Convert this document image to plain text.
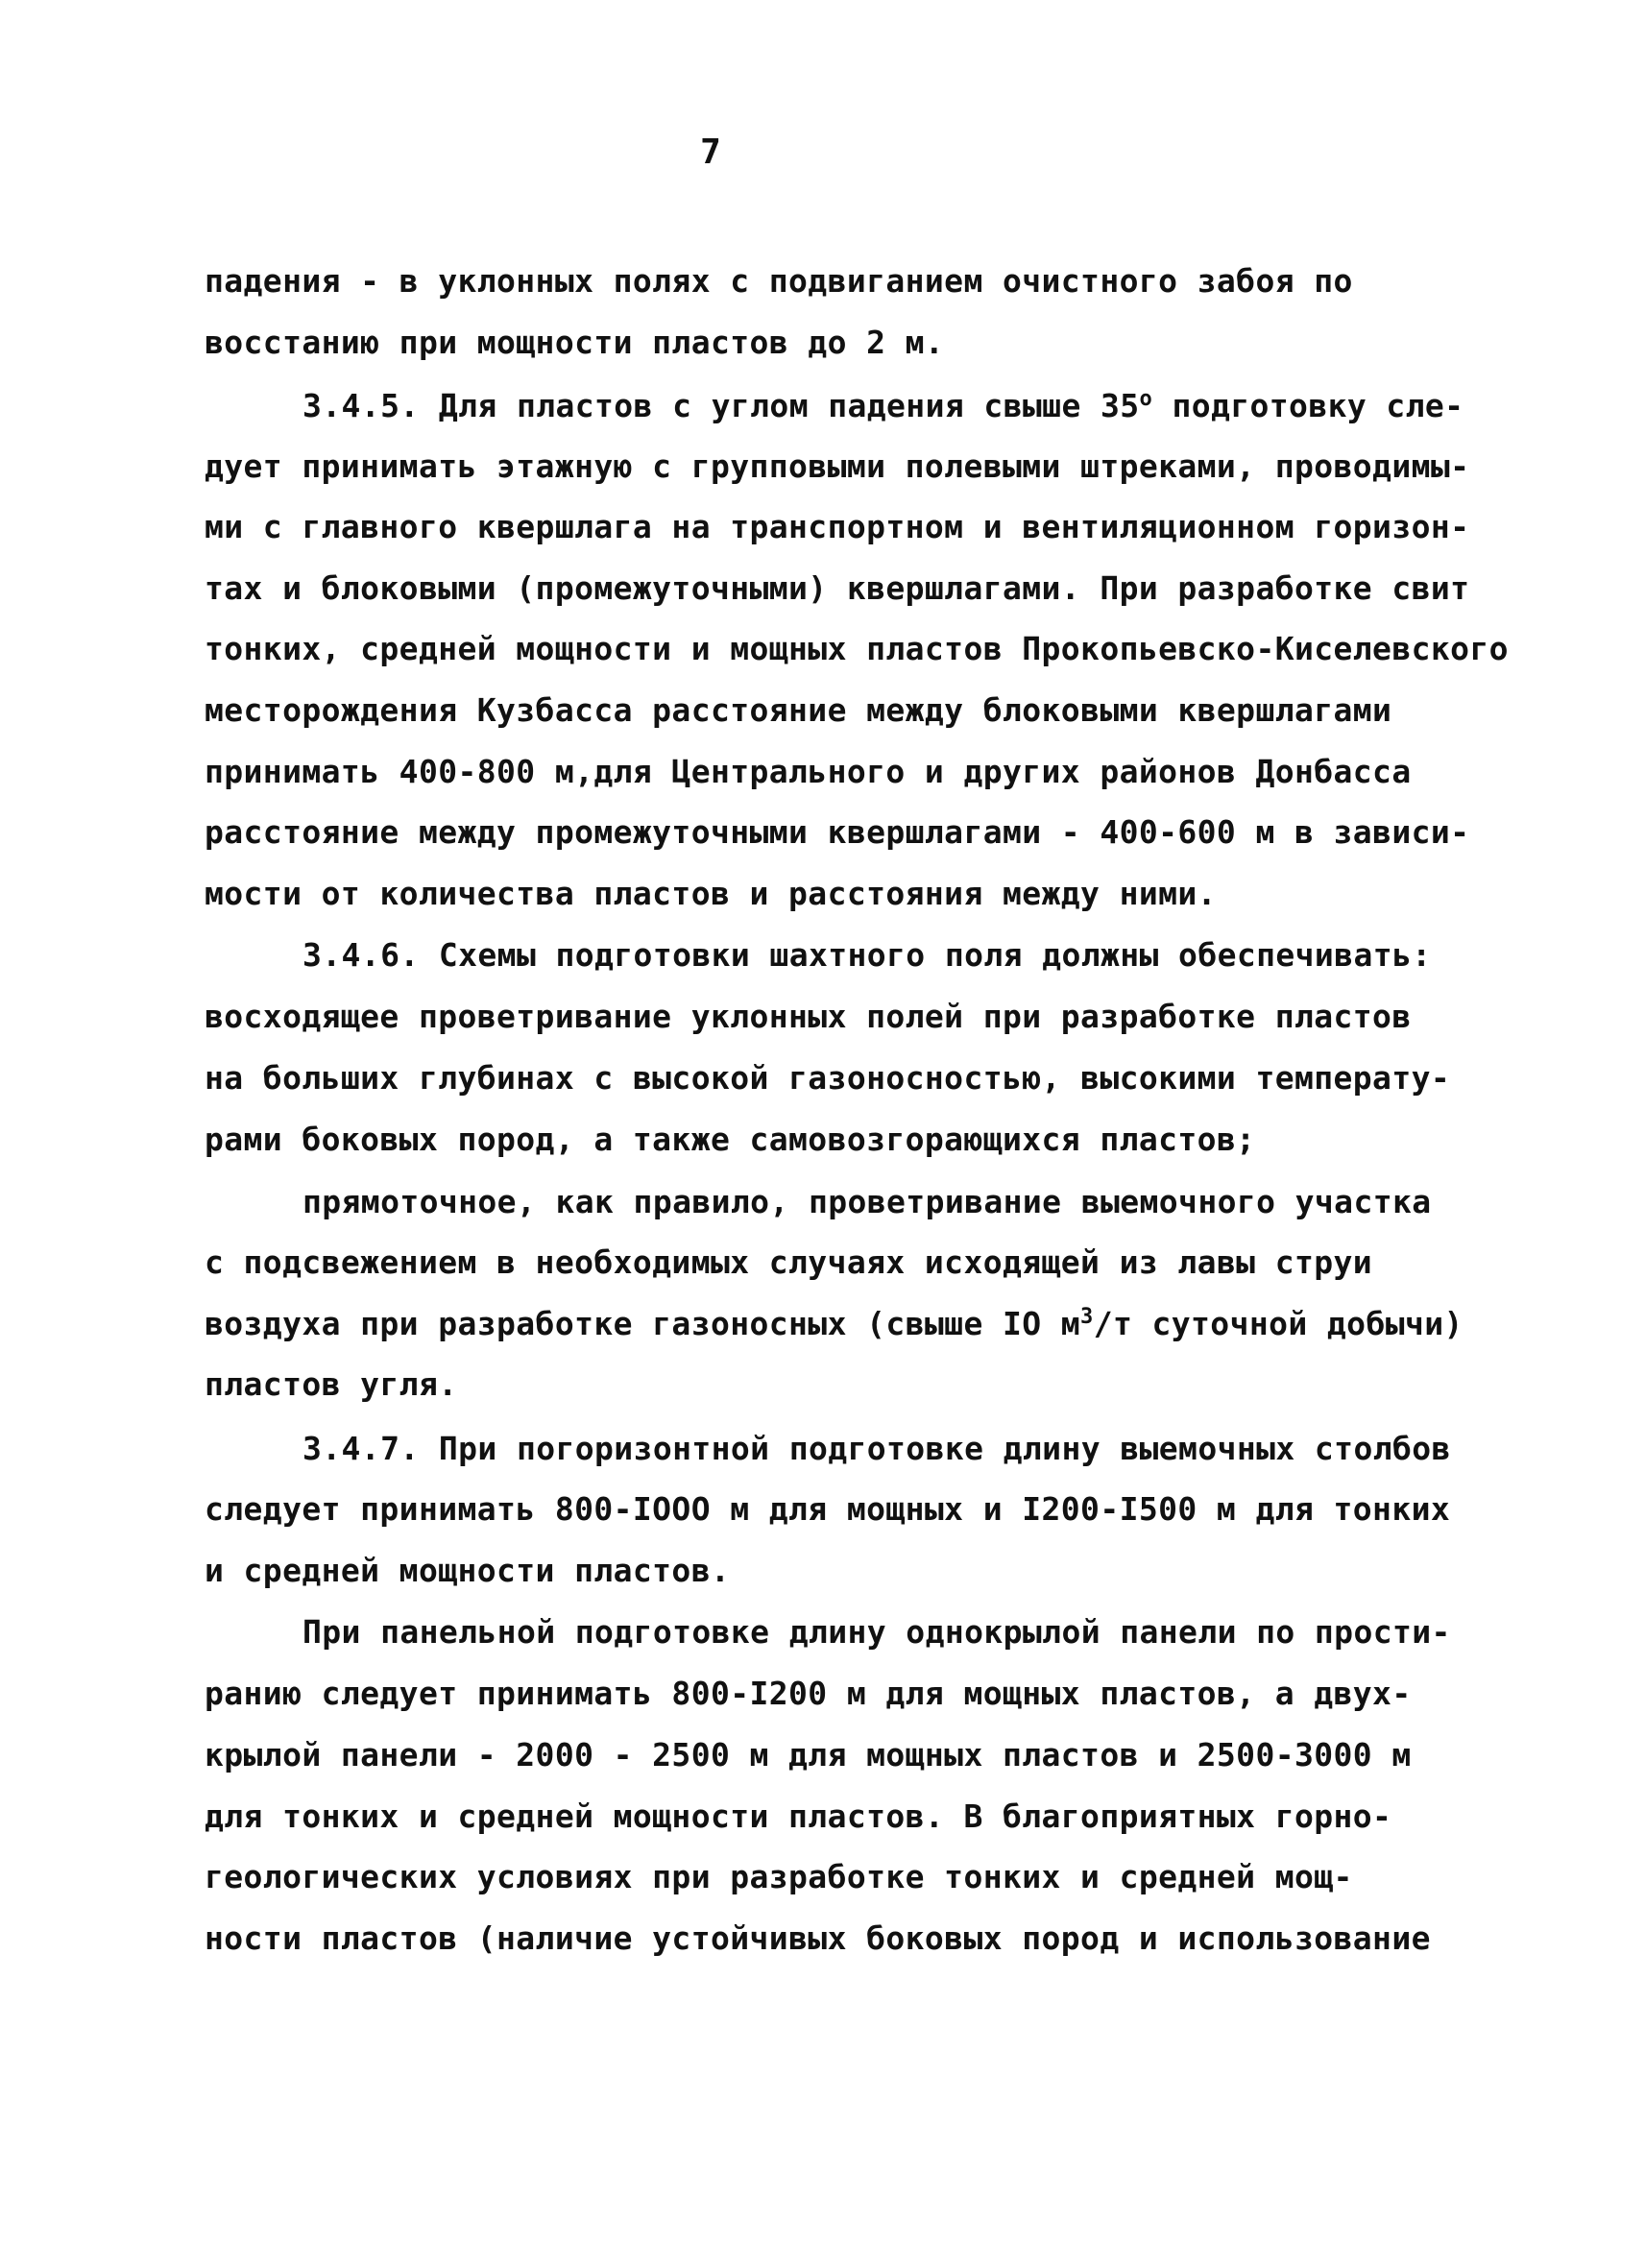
7
падения - в уклонных полях с подвиганием очистного забоя по
восстанию при мощности пластов до 2 м.
3.4.5. Для пластов с углом падения свыше 35$^o$ подготовку сле-
дует принимать этажную с групповыми полевыми штреками, проводимы-
ми с главного квершлага на транспортном и вентиляционном горизон-
тах и блоковыми (промежуточными) квершлагами. При разработке свит
тонких, средней мощности и мощных пластов Прокопьевско-Киселевского
месторождения Кузбасса расстояние между блоковыми квершлагами
принимать 400-800 м,для Центрального и других районов Донбасса
расстояние между промежуточными квершлагами - 400-600 м в зависи-
мости от количества пластов и расстояния между ними.
3.4.6. Схемы подготовки шахтного поля должны обеспечивать:
восходящее проветривание уклонных полей при разработке пластов
на больших глубинах с высокой газоносностью, высокими температу-
рами боковых пород, а также самовозгорающихся пластов;
прямоточное, как правило, проветривание выемочного участка
с подсвежением в необходимых случаях исходящей из лавы струи
воздуха при разработке газоносных (свыше IO $м^3/т$ суточной добычи)
пластов угля.
3.4.7. При погоризонтной подготовке длину выемочных столбов
следует принимать 800-IOOO м для мощных и I200-I500 м для тонких
и средней мощности пластов.
При панельной подготовке длину однокрылой панели по прости-
ранию следует принимать 800-I200 м для мощных пластов, а двух-
крылой панели - 2000 - 2500 м для мощных пластов и 2500-3000 м
для тонких и средней мощности пластов. В благоприятных горно-
геологических условиях при разработке тонких и средней мощ-
ности пластов (наличие устойчивых боковых пород и использование
